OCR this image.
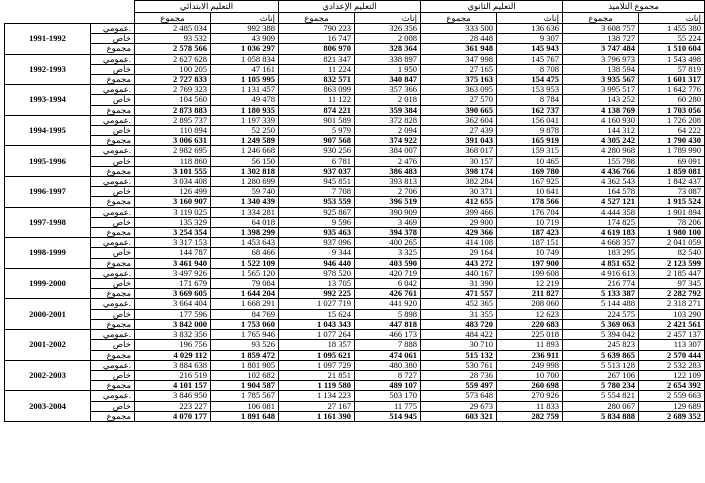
		التعليم الابتدائي		التعليم الإعدادي		التعليم الثانوي		مجموع التلاميذ	
		مجموع	إناث	مجموع	إناث	مجموع	إناث	مجموع	إناث
1991-1992	عمومي.	2 485 034	992 388	790 223	326 356	333 500	136 636	3 608 757	1 455 380
	خاص	93 532	43 909	16 747	2 008	28 448	9 307	138 727	55 224
	مجموع	2 578 566	1 036 297	806 970	328 364	361 948	145 943	3 747 484	1 510 604
1992-1993	عمومي.	2 627 628	1 058 834	821 347	338 897	347 998	145 767	3 796 973	1 543 498
	خاص	100 205	47 161	11 224	1 950	27 165	8 708	138 594	57 819
	مجموع	2 727 833	1 105 995	832 571	340 847	375 163	154 475	3 935 567	1 601 317
1993-1994	عمومي.	2 769 323	1 131 457	863 099	357 366	363 095	153 953	3 995 517	1 642 776
	خاص	104 560	49 478	11 122	2 018	27 570	8 784	143 252	60 280
	مجموع	2 873 883	1 180 935	874 221	359 384	390 665	162 737	4 138 769	1 703 056
1994-1995	عمومي.	2 895 737	1 197 339	901 589	372 828	362 604	156 041	4 160 930	1 726 208
	خاص	110 894	52 250	5 979	2 094	27 439	9 878	144 312	64 222
	مجموع	3 006 631	1 249 589	907 568	374 922	391 043	165 919	4 305 242	1 790 430
1995-1996	عمومي.	2 982 695	1 246 668	930 256	384 007	368 017	159 315	4 280 968	1 789 990
	خاص	118 860	56 150	6 781	2 476	30 157	10 465	155 798	69 091
	مجموع	3 101 555	1 302 818	937 037	386 483	398 174	169 780	4 436 766	1 859 081
1996-1997	عمومي.	3 034 408	1 280 699	945 851	393 813	382 284	167 925	4 362 543	1 842 437
	خاص	126 499	59 740	7 708	2 706	30 371	10 641	164 578	73 087
	مجموع	3 160 907	1 340 439	953 559	396 519	412 655	178 566	4 527 121	1 915 524
1997-1998	عمومي.	3 119 025	1 334 281	925 867	390 909	399 466	176 704	4 444 358	1 901 894
	خاص	135 329	64 018	9 596	3 469	29 900	10 719	174 825	78 206
	مجموع	3 254 354	1 398 299	935 463	394 378	429 366	187 423	4 619 183	1 980 100
1998-1999	عمومي.	3 317 153	1 453 643	937 096	400 265	414 108	187 151	4 668 357	2 041 059
	خاص	144 787	68 466	9 344	3 325	29 164	10 749	183 295	82 540
	مجموع	3 461 940	1 522 109	946 440	403 590	443 272	197 900	4 851 652	2 123 599
1999-2000	عمومي.	3 497 926	1 565 120	978 520	420 719	440 167	199 608	4 916 613	2 185 447
	خاص	171 679	79 084	13 705	6 042	31 390	12 219	216 774	97 345
	مجموع	3 669 605	1 644 204	992 225	426 761	471 557	211 827	5 133 387	2 282 792
2000-2001	عمومي.	3 664 404	1 668 291	1 027 719	441 920	452 365	208 060	5 144 488	2 318 271
	خاص	177 596	84 769	15 624	5 898	31 355	12 623	224 575	103 290
	مجموع	3 842 000	1 753 060	1 043 343	447 818	483 720	220 683	5 369 063	2 421 561
2001-2002	عمومي.	3 832 356	1 765 946	1 077 264	466 173	484 422	225 018	5 394 042	2 457 137
	خاص	196 756	93 526	18 357	7 888	30 710	11 893	245 823	113 307
	مجموع	4 029 112	1 859 472	1 095 621	474 061	515 132	236 911	5 639 865	2 570 444
2002-2003	عمومي.	3 884 638	1 801 905	1 097 729	480 380	530 761	249 998	5 513 128	2 532 283
	خاص	216 519	102 682	21 851	8 727	28 736	10 700	267 106	122 109
	مجموع	4 101 157	1 904 587	1 119 580	489 107	559 497	260 698	5 780 234	2 654 392
2003-2004	عمومي.	3 846 950	1 785 567	1 134 223	503 170	573 648	270 926	5 554 821	2 559 663
	خاص	223 227	106 081	27 167	11 775	29 673	11 833	280 067	129 689
	مجموع	4 070 177	1 891 648	1 161 390	514 945	603 321	282 759	5 834 888	2 689 352
